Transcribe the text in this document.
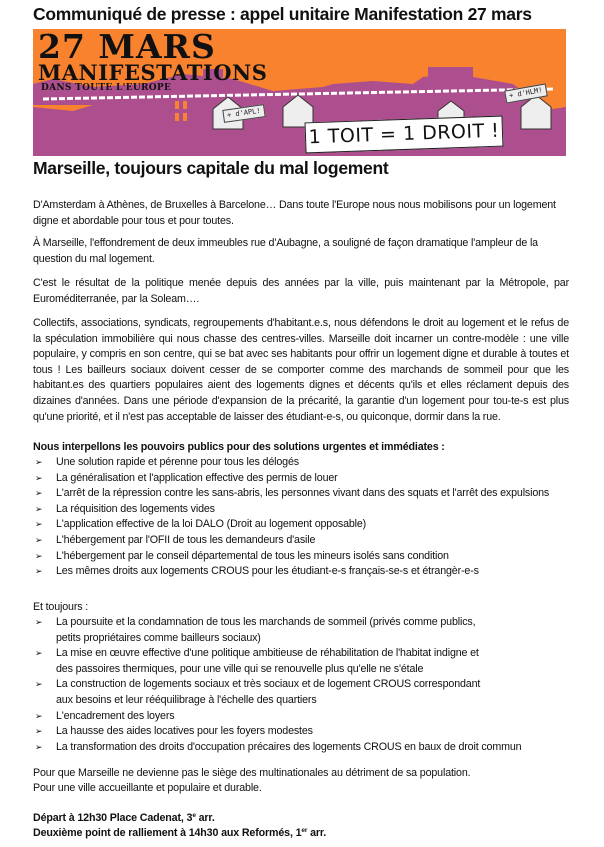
Communiqué de presse : appel unitaire Manifestation 27 mars
27 MARS
MANIFESTATIONS
DANS TOUTE L'EUROPE
+ d'APL!
+ d'HLM!
1 TOIT = 1 DROIT !
Marseille, toujours capitale du mal logement
D'Amsterdam à Athènes, de Bruxelles à Barcelone… Dans toute l'Europe nous nous mobilisons pour un logement digne et abordable pour tous et pour toutes.
À Marseille, l'effondrement de deux immeubles rue d'Aubagne, a souligné de façon dramatique l'ampleur de la question du mal logement.
C'est le résultat de la politique menée depuis des années par la ville, puis maintenant par la Métropole, par Euroméditerranée, par la Soleam….
Collectifs, associations, syndicats, regroupements d'habitant.e.s, nous défendons le droit au logement et le refus de la spéculation immobilière qui nous chasse des centres-villes. Marseille doit incarner un contre-modèle : une ville populaire, y compris en son centre, qui se bat avec ses habitants pour offrir un logement digne et durable à toutes et tous ! Les bailleurs sociaux doivent cesser de se comporter comme des marchands de sommeil pour que les habitant.es des quartiers populaires aient des logements dignes et décents qu'ils et elles réclament depuis des dizaines d'années. Dans une période d'expansion de la précarité, la garantie d'un logement pour tou-te-s est plus qu'une priorité, et il n'est pas acceptable de laisser des étudiant-e-s, ou quiconque, dormir dans la rue.
Nous interpellons les pouvoirs publics pour des solutions urgentes et immédiates :
➢ Une solution rapide et pérenne pour tous les délogés
➢ La généralisation et l'application effective des permis de louer
➢ L'arrêt de la répression contre les sans-abris, les personnes vivant dans des squats et l'arrêt des expulsions
➢ La réquisition des logements vides
➢ L'application effective de la loi DALO (Droit au logement opposable)
➢ L'hébergement par l'OFII de tous les demandeurs d'asile
➢ L'hébergement par le conseil départemental de tous les mineurs isolés sans condition
➢ Les mêmes droits aux logements CROUS pour les étudiant-e-s français-se-s et étrangèr-e-s
Et toujours :
➢ La poursuite et la condamnation de tous les marchands de sommeil (privés comme publics,
petits propriétaires comme bailleurs sociaux)
➢ La mise en œuvre effective d'une politique ambitieuse de réhabilitation de l'habitat indigne et
des passoires thermiques, pour une ville qui se renouvelle plus qu'elle ne s'étale
➢ La construction de logements sociaux et très sociaux et de logement CROUS correspondant
aux besoins et leur rééquilibrage à l'échelle des quartiers
➢ L'encadrement des loyers
➢ La hausse des aides locatives pour les foyers modestes
➢ La transformation des droits d'occupation précaires des logements CROUS en baux de droit commun
Pour que Marseille ne devienne pas le siège des multinationales au détriment de sa population.
Pour une ville accueillante et populaire et durable.
Départ à 12h30 Place Cadenat, 3e arr.
Deuxième point de ralliement à 14h30 aux Reformés, 1er arr.
